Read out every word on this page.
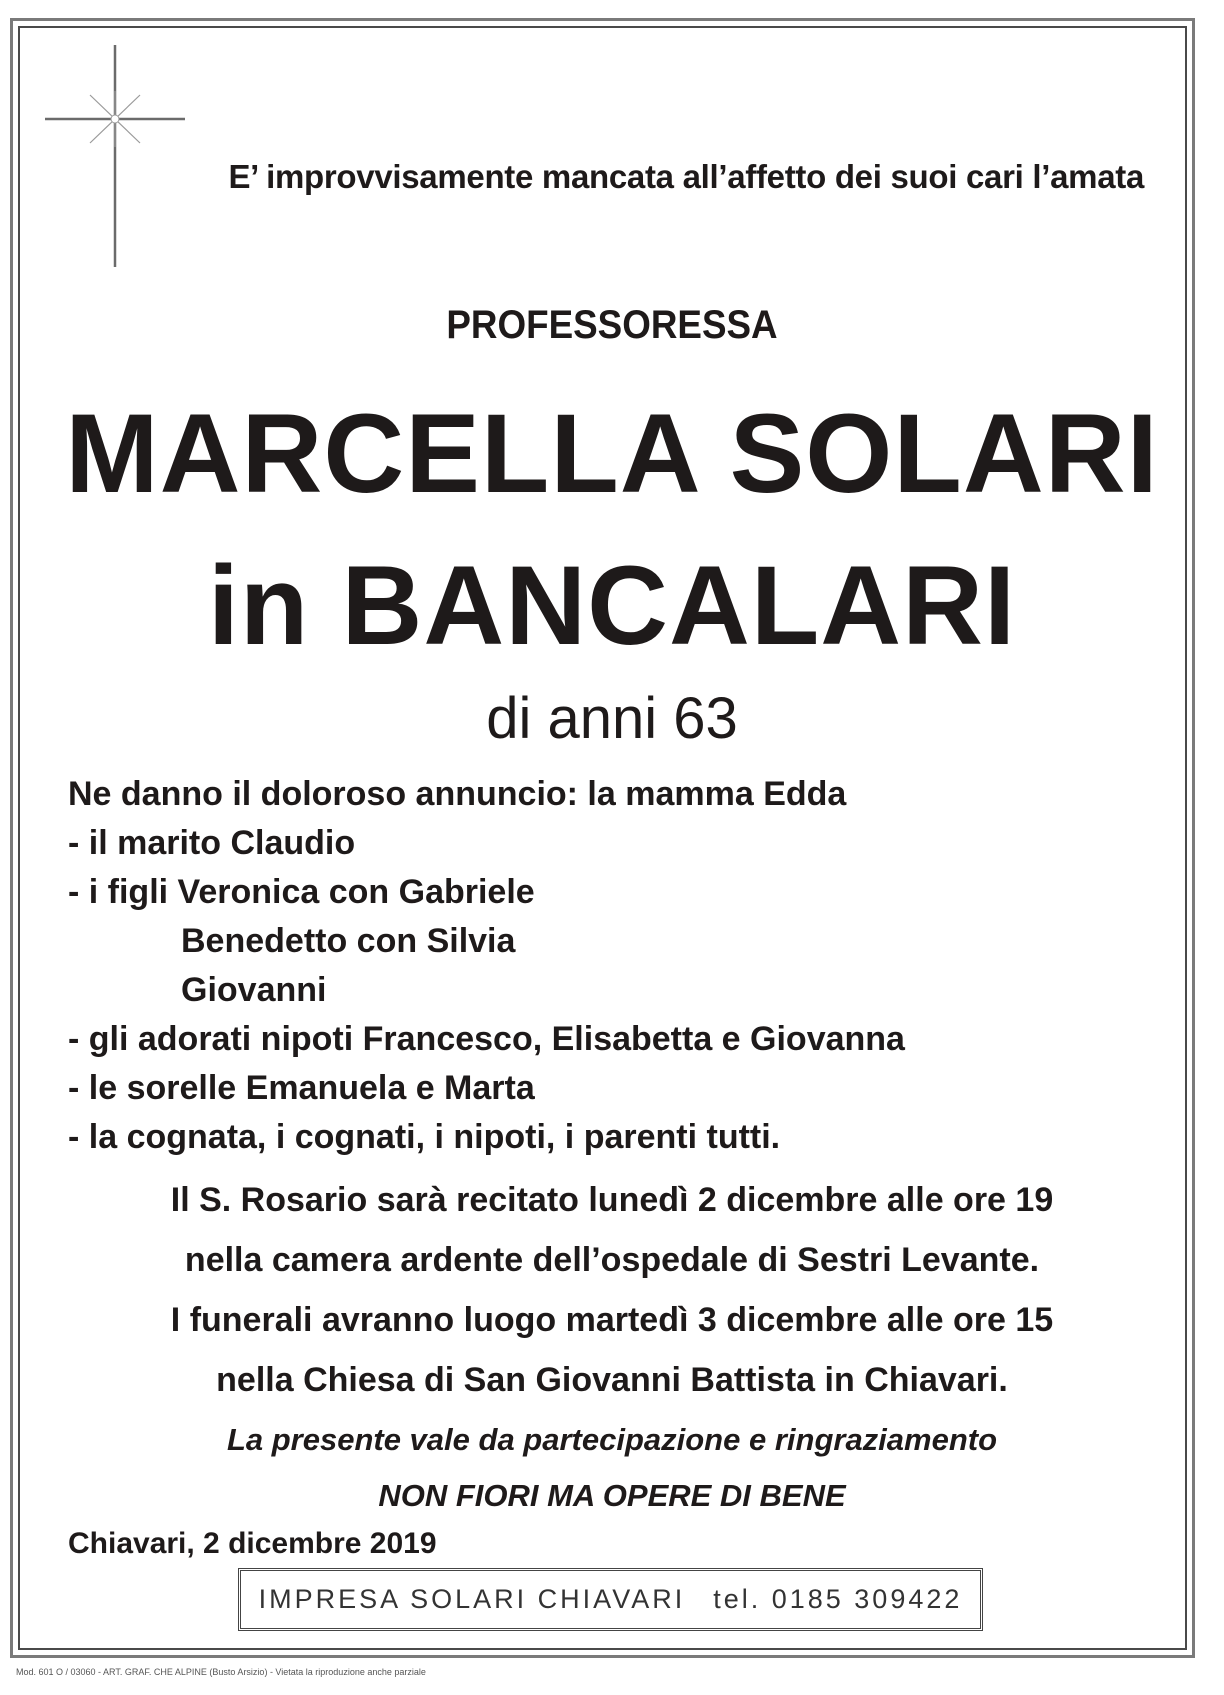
E’ improvvisamente mancata all’affetto dei suoi cari l’amata
PROFESSORESSA
MARCELLA SOLARI
in BANCALARI
di anni 63
Ne danno il doloroso annuncio: la mamma Edda
- il marito Claudio
- i figli Veronica con Gabriele
Benedetto con Silvia
Giovanni
- gli adorati nipoti Francesco, Elisabetta e Giovanna
- le sorelle Emanuela e Marta
- la cognata, i cognati, i nipoti, i parenti tutti.
Il S. Rosario sarà recitato lunedì 2 dicembre alle ore 19
nella camera ardente dell’ospedale di Sestri Levante.
I funerali avranno luogo martedì 3 dicembre alle ore 15
nella Chiesa di San Giovanni Battista in Chiavari.
La presente vale da partecipazione e ringraziamento
NON FIORI MA OPERE DI BENE
Chiavari, 2 dicembre 2019
IMPRESA SOLARI CHIAVARI tel. 0185 309422
Mod. 601 O / 03060 - ART. GRAF. CHE ALPINE (Busto Arsizio) - Vietata la riproduzione anche parziale
